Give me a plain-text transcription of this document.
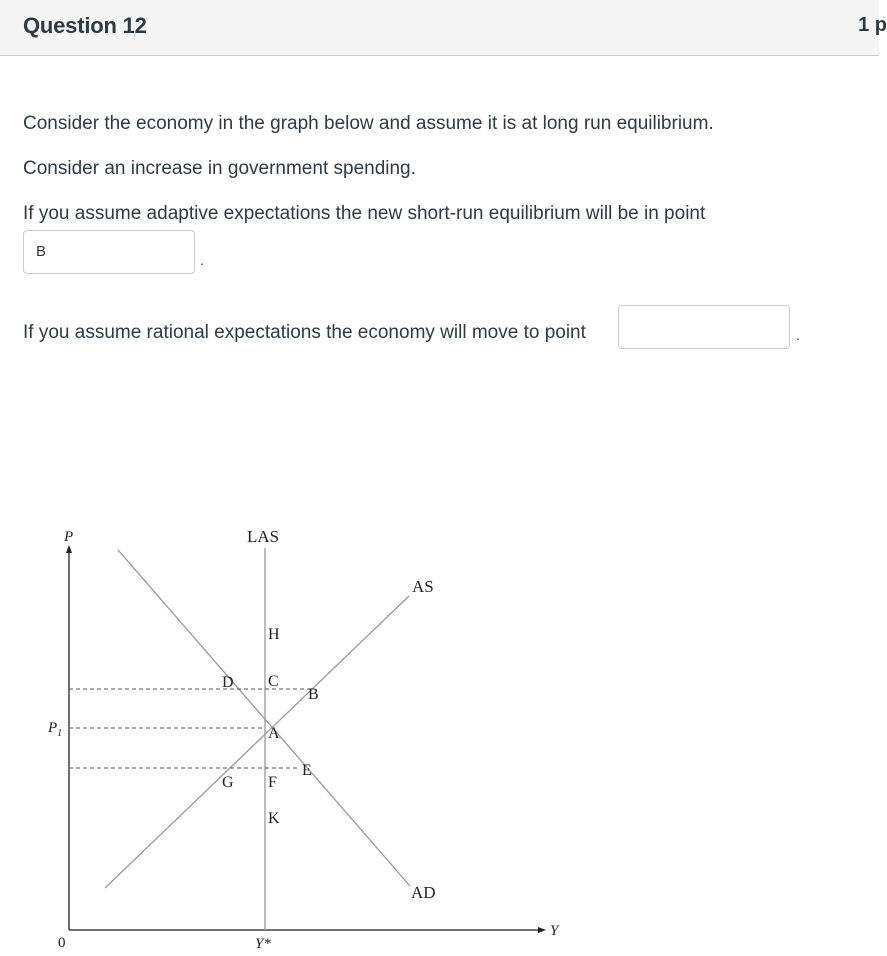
Question 12	1 p
Consider the economy in the graph below and assume it is at long run equilibrium.
Consider an increase in government spending.
If you assume adaptive expectations the new short-run equilibrium will be in point
B	.
If you assume rational expectations the economy will move to point	.
P
Y
0
$P_1$
Y*
LAS
AS
AD
H
D C
B
A
E
G F
K
